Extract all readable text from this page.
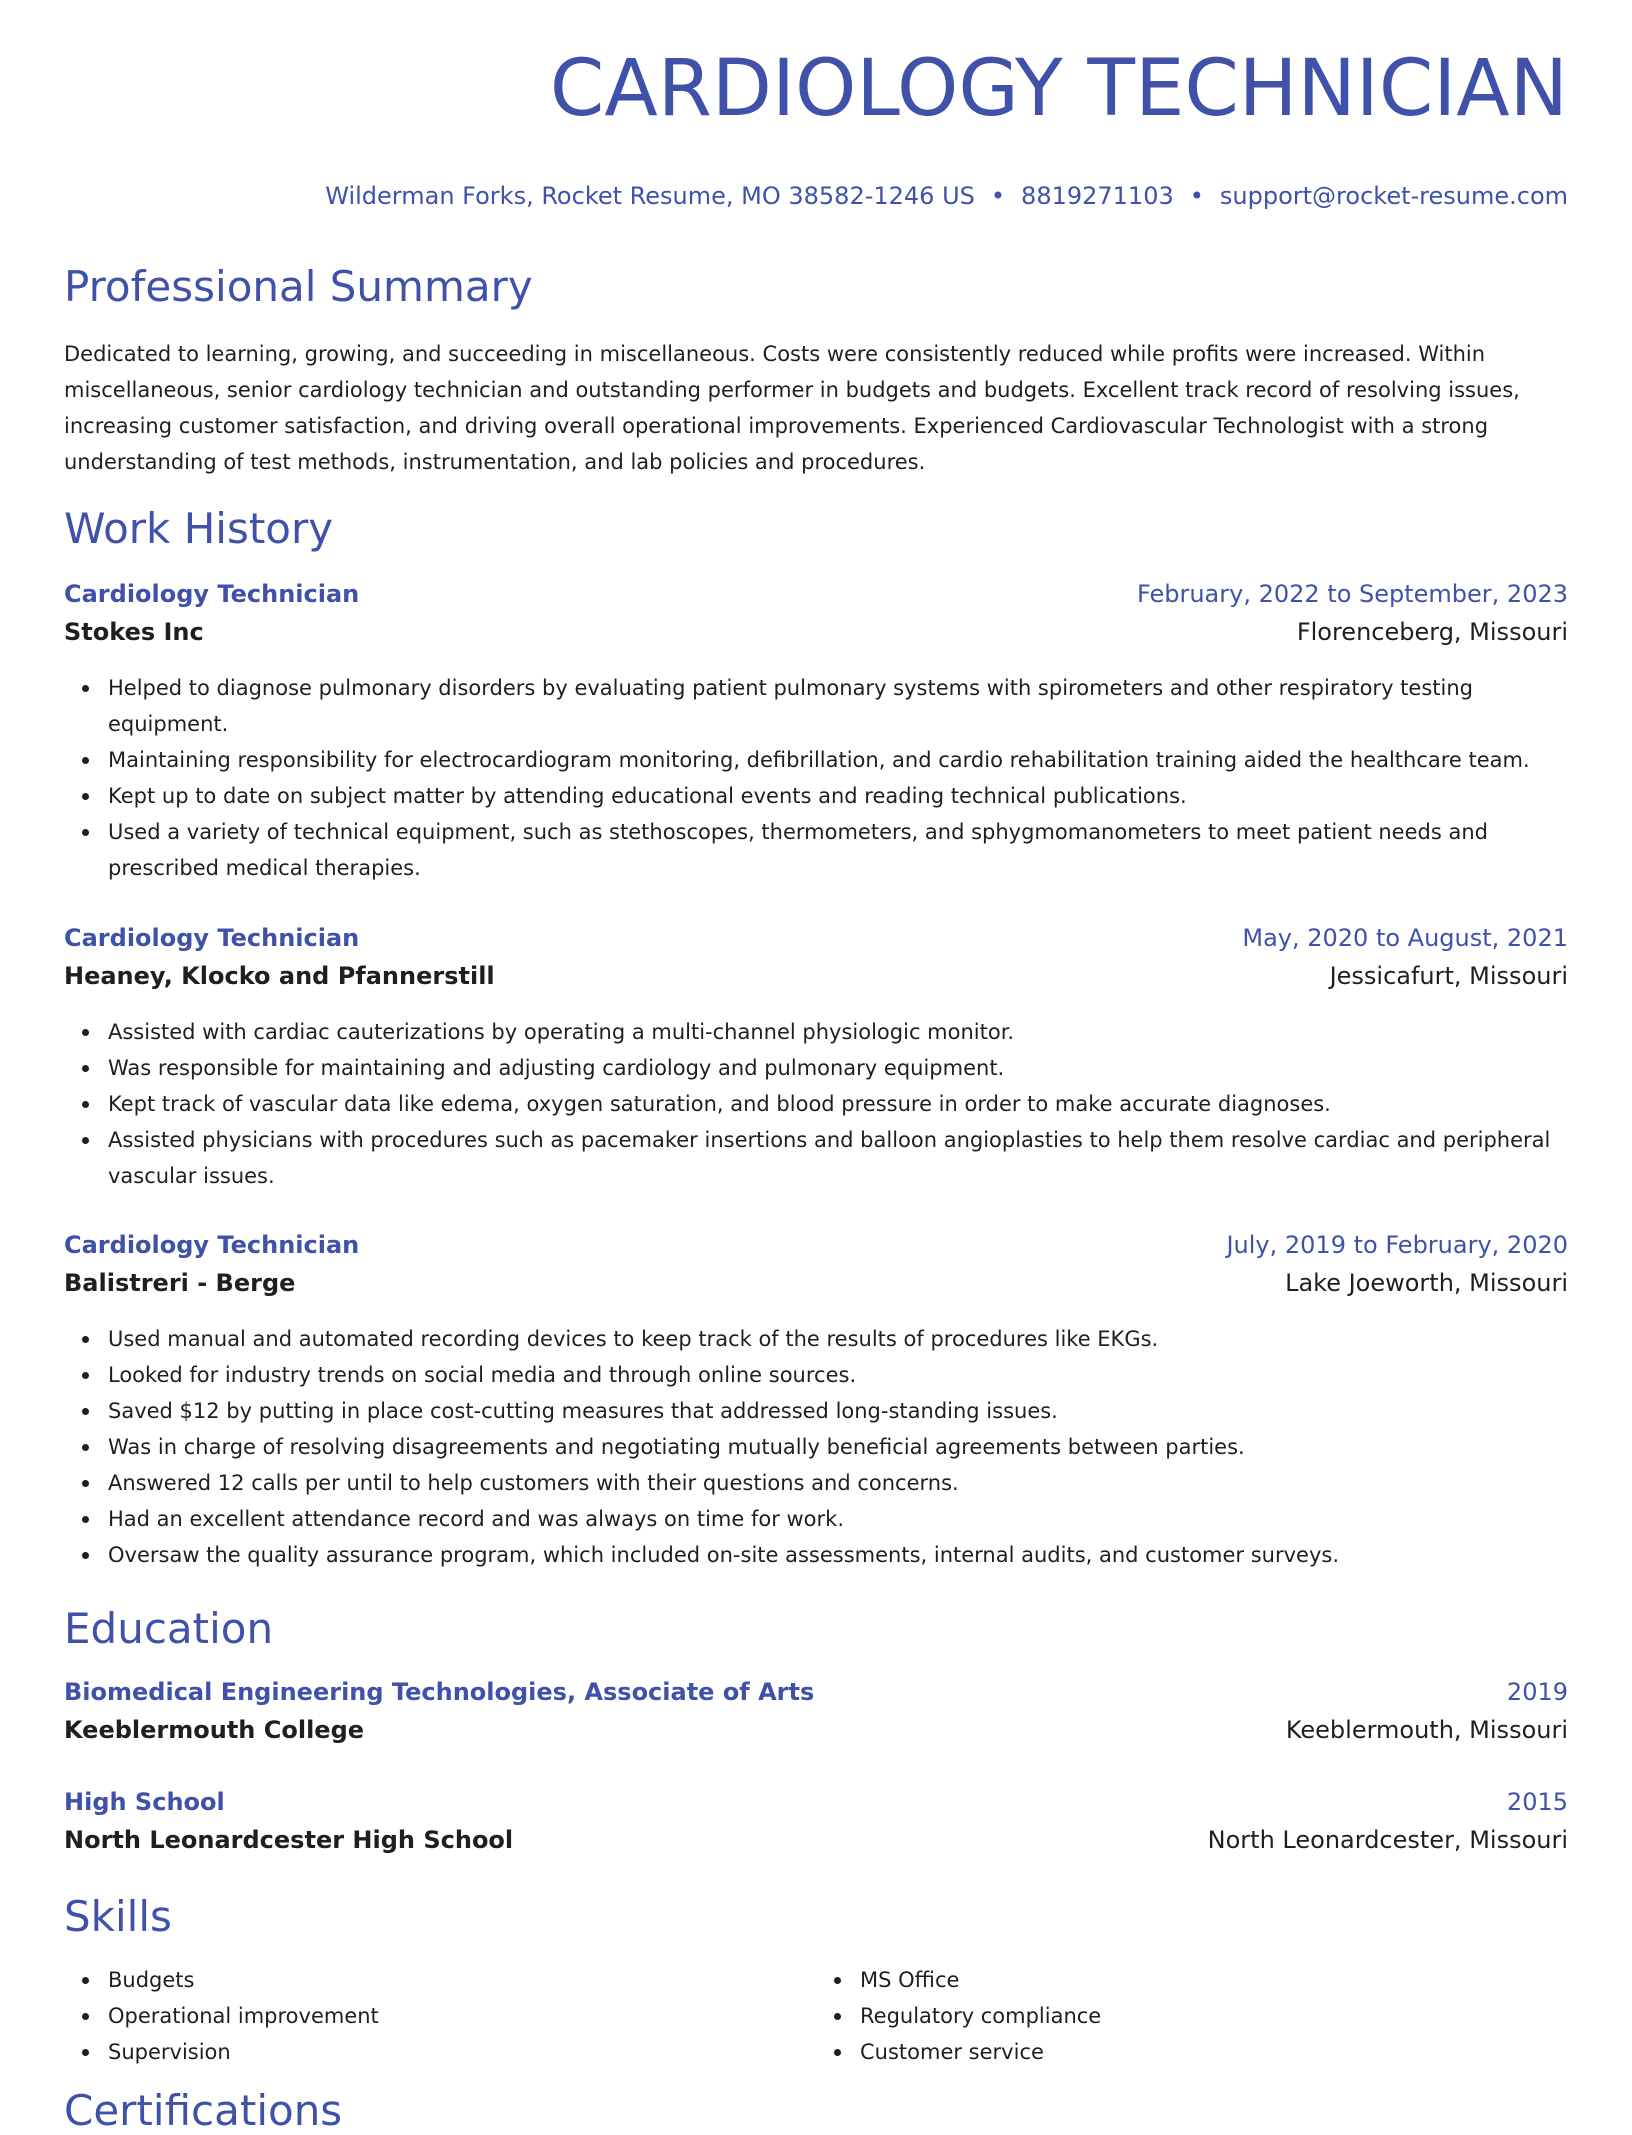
CARDIOLOGY TECHNICIAN
Wilderman Forks, Rocket Resume, MO 38582-1246 US • 8819271103 • support@rocket-resume.com
Professional Summary

Dedicated to learning, growing, and succeeding in miscellaneous. Costs were consistently reduced while profits were increased. Within miscellaneous, senior cardiology technician and outstanding performer in budgets and budgets. Excellent track record of resolving issues, increasing customer satisfaction, and driving overall operational improvements. Experienced Cardiovascular Technologist with a strong understanding of test methods, instrumentation, and lab policies and procedures.

Work History
Cardiology Technician	February, 2022 to September, 2023
Stokes Inc	Florenceberg, Missouri
Helped to diagnose pulmonary disorders by evaluating patient pulmonary systems with spirometers and other respiratory testing equipment.
Maintaining responsibility for electrocardiogram monitoring, defibrillation, and cardio rehabilitation training aided the healthcare team.
Kept up to date on subject matter by attending educational events and reading technical publications.
Used a variety of technical equipment, such as stethoscopes, thermometers, and sphygmomanometers to meet patient needs and prescribed medical therapies.
Cardiology Technician	May, 2020 to August, 2021
Heaney, Klocko and Pfannerstill	Jessicafurt, Missouri
Assisted with cardiac cauterizations by operating a multi-channel physiologic monitor.
Was responsible for maintaining and adjusting cardiology and pulmonary equipment.
Kept track of vascular data like edema, oxygen saturation, and blood pressure in order to make accurate diagnoses.
Assisted physicians with procedures such as pacemaker insertions and balloon angioplasties to help them resolve cardiac and peripheral vascular issues.
Cardiology Technician	July, 2019 to February, 2020
Balistreri - Berge	Lake Joeworth, Missouri
Used manual and automated recording devices to keep track of the results of procedures like EKGs.
Looked for industry trends on social media and through online sources.
Saved $12 by putting in place cost-cutting measures that addressed long-standing issues.
Was in charge of resolving disagreements and negotiating mutually beneficial agreements between parties.
Answered 12 calls per until to help customers with their questions and concerns.
Had an excellent attendance record and was always on time for work.
Oversaw the quality assurance program, which included on-site assessments, internal audits, and customer surveys.
Education
Biomedical Engineering Technologies, Associate of Arts	2019
Keeblermouth College	Keeblermouth, Missouri
High School	2015
North Leonardcester High School	North Leonardcester, Missouri
Skills
Budgets
Operational improvement
Supervision
MS Office
Regulatory compliance
Customer service
Certifications
